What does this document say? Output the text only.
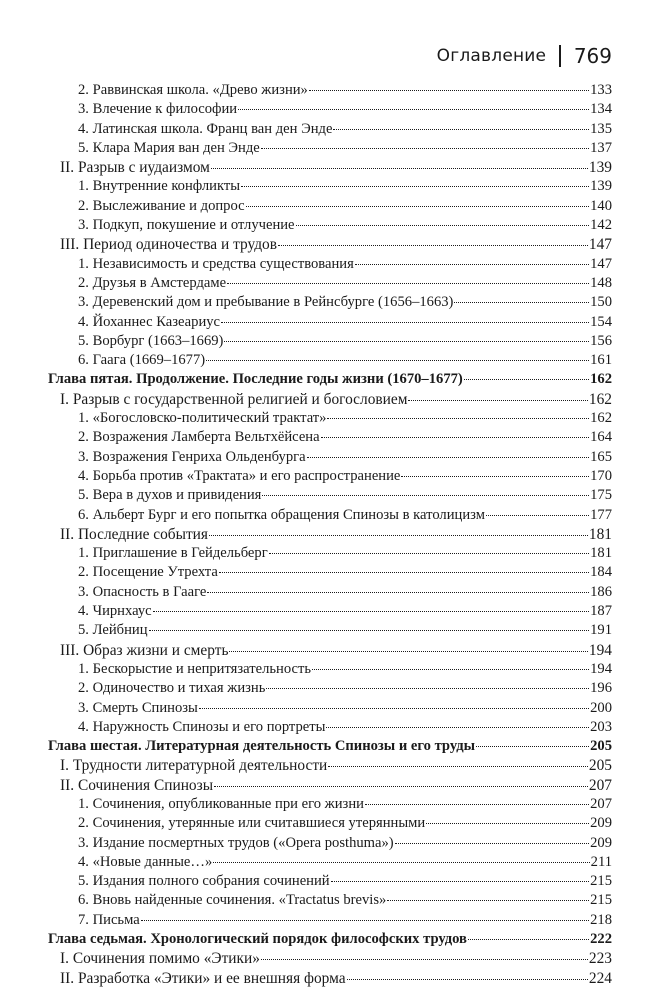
Оглавление 769
2. Раввинская школа. «Древо жизни»	133
3. Влечение к философии	134
4. Латинская школа. Франц ван ден Энде	135
5. Клара Мария ван ден Энде	137
II. Разрыв с иудаизмом	139
1. Внутренние конфликты	139
2. Выслеживание и допрос	140
3. Подкуп, покушение и отлучение	142
III. Период одиночества и трудов	147
1. Независимость и средства существования	147
2. Друзья в Амстердаме	148
3. Деревенский дом и пребывание в Рейнсбурге (1656–1663)	150
4. Йоханнес Казеариус	154
5. Ворбург (1663–1669)	156
6. Гаага (1669–1677)	161
Глава пятая. Продолжение. Последние годы жизни (1670–1677)	162
I. Разрыв с государственной религией и богословием	162
1. «Богословско-политический трактат»	162
2. Возражения Ламберта Вельтхёйсена	164
3. Возражения Генриха Ольденбурга	165
4. Борьба против «Трактата» и его распространение	170
5. Вера в духов и привидения	175
6. Альберт Бург и его попытка обращения Спинозы в католицизм	177
II. Последние события	181
1. Приглашение в Гейдельберг	181
2. Посещение Утрехта	184
3. Опасность в Гааге	186
4. Чирнхаус	187
5. Лейбниц	191
III. Образ жизни и смерть	194
1. Бескорыстие и непритязательность	194
2. Одиночество и тихая жизнь	196
3. Смерть Спинозы	200
4. Наружность Спинозы и его портреты	203
Глава шестая. Литературная деятельность Спинозы и его труды	205
I. Трудности литературной деятельности	205
II. Сочинения Спинозы	207
1. Сочинения, опубликованные при его жизни	207
2. Сочинения, утерянные или считавшиеся утерянными	209
3. Издание посмертных трудов («Opera posthuma»)	209
4. «Новые данные…»	211
5. Издания полного собрания сочинений	215
6. Вновь найденные сочинения. «Tractatus brevis»	215
7. Письма	218
Глава седьмая. Хронологический порядок философских трудов	222
I. Сочинения помимо «Этики»	223
II. Разработка «Этики» и ее внешняя форма	224
